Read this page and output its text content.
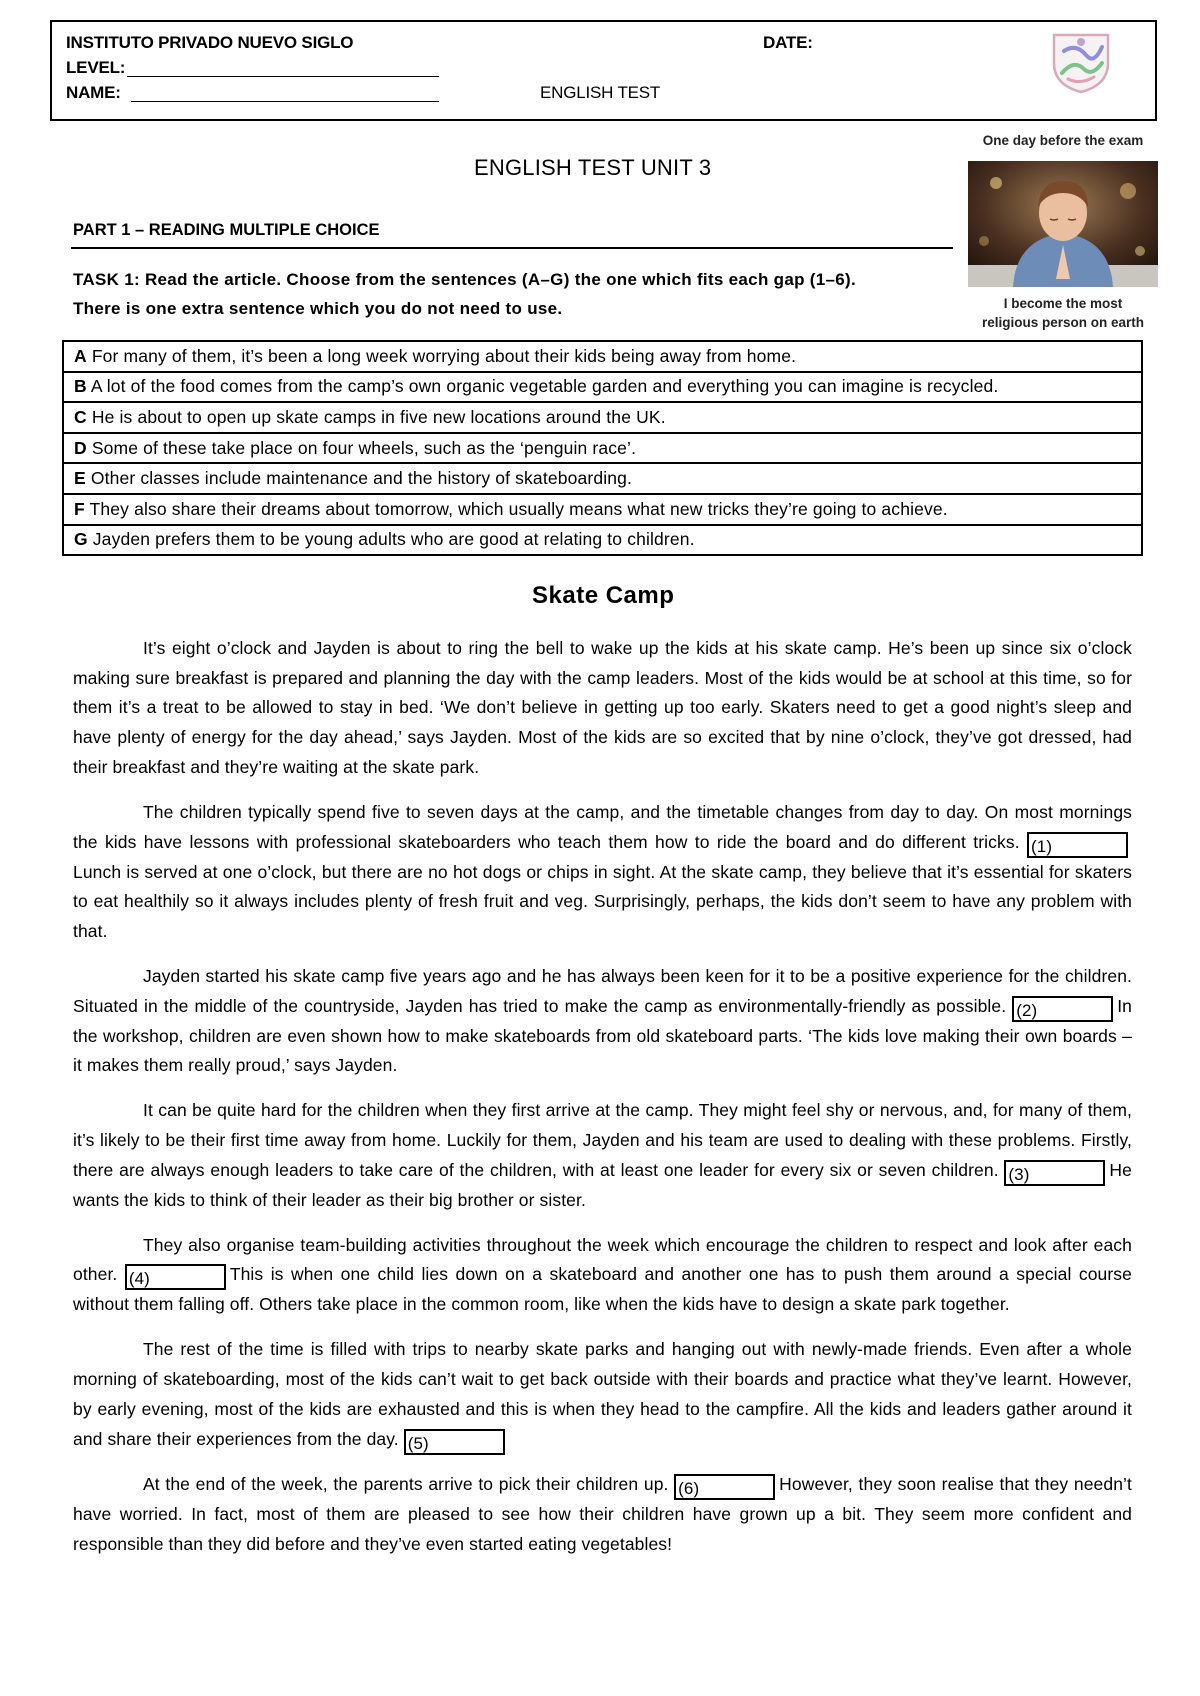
INSTITUTO PRIVADO NUEVO SIGLO	DATE:
LEVEL:
NAME:	ENGLISH TEST
One day before the exam
I become the most
religious person on earth
ENGLISH TEST UNIT 3
PART 1 – READING MULTIPLE CHOICE
TASK 1: Read the article. Choose from the sentences (A–G) the one which fits each gap (1–6).
There is one extra sentence which you do not need to use.
A For many of them, it’s been a long week worrying about their kids being away from home.
B A lot of the food comes from the camp’s own organic vegetable garden and everything you can imagine is recycled.
C He is about to open up skate camps in five new locations around the UK.
D Some of these take place on four wheels, such as the ‘penguin race’.
E Other classes include maintenance and the history of skateboarding.
F They also share their dreams about tomorrow, which usually means what new tricks they’re going to achieve.
G Jayden prefers them to be young adults who are good at relating to children.
Skate Camp

It’s eight o’clock and Jayden is about to ring the bell to wake up the kids at his skate camp. He’s been up since six o’clock making sure breakfast is prepared and planning the day with the camp leaders. Most of the kids would be at school at this time, so for them it’s a treat to be allowed to stay in bed. ‘We don’t believe in getting up too early. Skaters need to get a good night’s sleep and have plenty of energy for the day ahead,’ says Jayden. Most of the kids are so excited that by nine o’clock, they’ve got dressed, had their breakfast and they’re waiting at the skate park.

The children typically spend five to seven days at the camp, and the timetable changes from day to day. On most mornings the kids have lessons with professional skateboarders who teach them how to ride the board and do different tricks. (1)Lunch is served at one o’clock, but there are no hot dogs or chips in sight. At the skate camp, they believe that it’s essential for skaters to eat healthily so it always includes plenty of fresh fruit and veg. Surprisingly, perhaps, the kids don’t seem to have any problem with that.

Jayden started his skate camp five years ago and he has always been keen for it to be a positive experience for the children. Situated in the middle of the countryside, Jayden has tried to make the camp as environmentally-friendly as possible. (2)	In the workshop, children are even shown how to make skateboards from old skateboard parts. ‘The kids love making their own boards – it makes them really proud,’ says Jayden.

It can be quite hard for the children when they first arrive at the camp. They might feel shy or nervous, and, for many of them, it’s likely to be their first time away from home. Luckily for them, Jayden and his team are used to dealing with these problems. Firstly, there are always enough leaders to take care of the children, with at least one leader for every six or seven children. (3)	He wants the kids to think of their leader as their big brother or sister.

They also organise team-building activities throughout the week which encourage the children to respect and look after each other. (4)	This is when one child lies down on a skateboard and another one has to push them around a special course without them falling off. Others take place in the common room, like when the kids have to design a skate park together.

The rest of the time is filled with trips to nearby skate parks and hanging out with newly-made friends. Even after a whole morning of skateboarding, most of the kids can’t wait to get back outside with their boards and practice what they’ve learnt. However, by early evening, most of the kids are exhausted and this is when they head to the campfire. All the kids and leaders gather around it and share their experiences from the day. (5)

At the end of the week, the parents arrive to pick their children up. (6)	However, they soon realise that they needn’t have worried. In fact, most of them are pleased to see how their children have grown up a bit. They seem more confident and responsible than they did before and they’ve even started eating vegetables!
